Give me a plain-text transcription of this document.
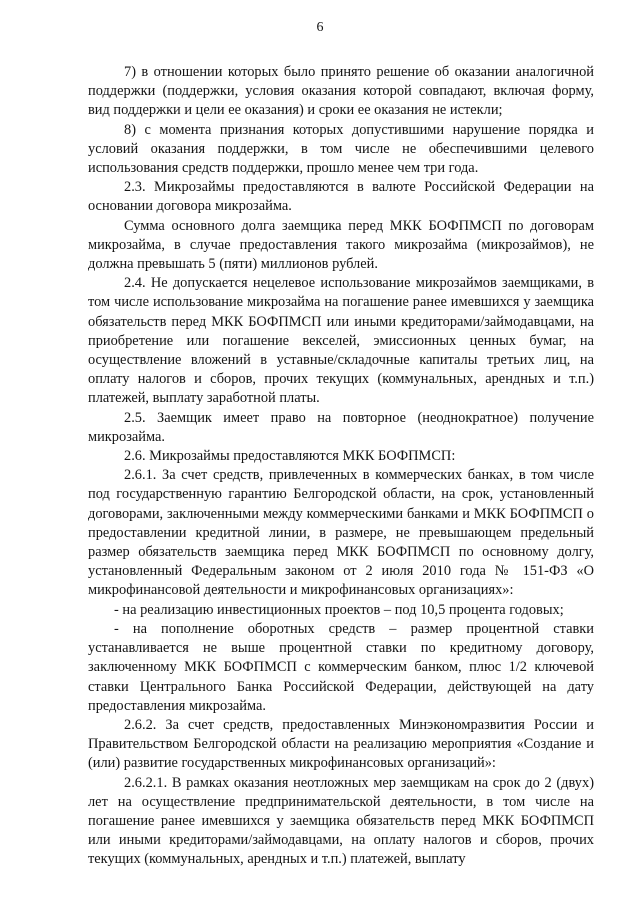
6

7) в отношении которых было принято решение об оказании аналогичной поддержки (поддержки, условия оказания которой совпадают, включая форму, вид поддержки и цели ее оказания) и сроки ее оказания не истекли;

8) с момента признания которых допустившими нарушение порядка и условий оказания поддержки, в том числе не обеспечившими целевого использования средств поддержки, прошло менее чем три года.

2.3. Микрозаймы предоставляются в валюте Российской Федерации на основании договора микрозайма.

Сумма основного долга заемщика перед МКК БОФПМСП по договорам микрозайма, в случае предоставления такого микрозайма (микрозаймов), не должна превышать 5 (пяти) миллионов рублей.

2.4. Не допускается нецелевое использование микрозаймов заемщиками, в том числе использование микрозайма на погашение ранее имевшихся у заемщика обязательств перед МКК БОФПМСП или иными кредиторами/займодавцами, на приобретение или погашение векселей, эмиссионных ценных бумаг, на осуществление вложений в уставные/складочные капиталы третьих лиц, на оплату налогов и сборов, прочих текущих (коммунальных, арендных и т.п.) платежей, выплату заработной платы.

2.5. Заемщик имеет право на повторное (неоднократное) получение микрозайма.

2.6. Микрозаймы предоставляются МКК БОФПМСП:

2.6.1. За счет средств, привлеченных в коммерческих банках, в том числе под государственную гарантию Белгородской области, на срок, установленный договорами, заключенными между коммерческими банками и МКК БОФПМСП о предоставлении кредитной линии, в размере, не превышающем предельный размер обязательств заемщика перед МКК БОФПМСП по основному долгу, установленный Федеральным законом от 2 июля 2010 года № 151-ФЗ «О микрофинансовой деятельности и микрофинансовых организациях»:

- на реализацию инвестиционных проектов – под 10,5 процента годовых;

- на пополнение оборотных средств – размер процентной ставки устанавливается не выше процентной ставки по кредитному договору, заключенному МКК БОФПМСП с коммерческим банком, плюс 1/2 ключевой ставки Центрального Банка Российской Федерации, действующей на дату предоставления микрозайма.

2.6.2. За счет средств, предоставленных Минэкономразвития России и Правительством Белгородской области на реализацию мероприятия «Создание и (или) развитие государственных микрофинансовых организаций»:

2.6.2.1. В рамках оказания неотложных мер заемщикам на срок до 2 (двух) лет на осуществление предпринимательской деятельности, в том числе на погашение ранее имевшихся у заемщика обязательств перед МКК БОФПМСП или иными кредиторами/займодавцами, на оплату налогов и сборов, прочих текущих (коммунальных, арендных и т.п.) платежей, выплату
